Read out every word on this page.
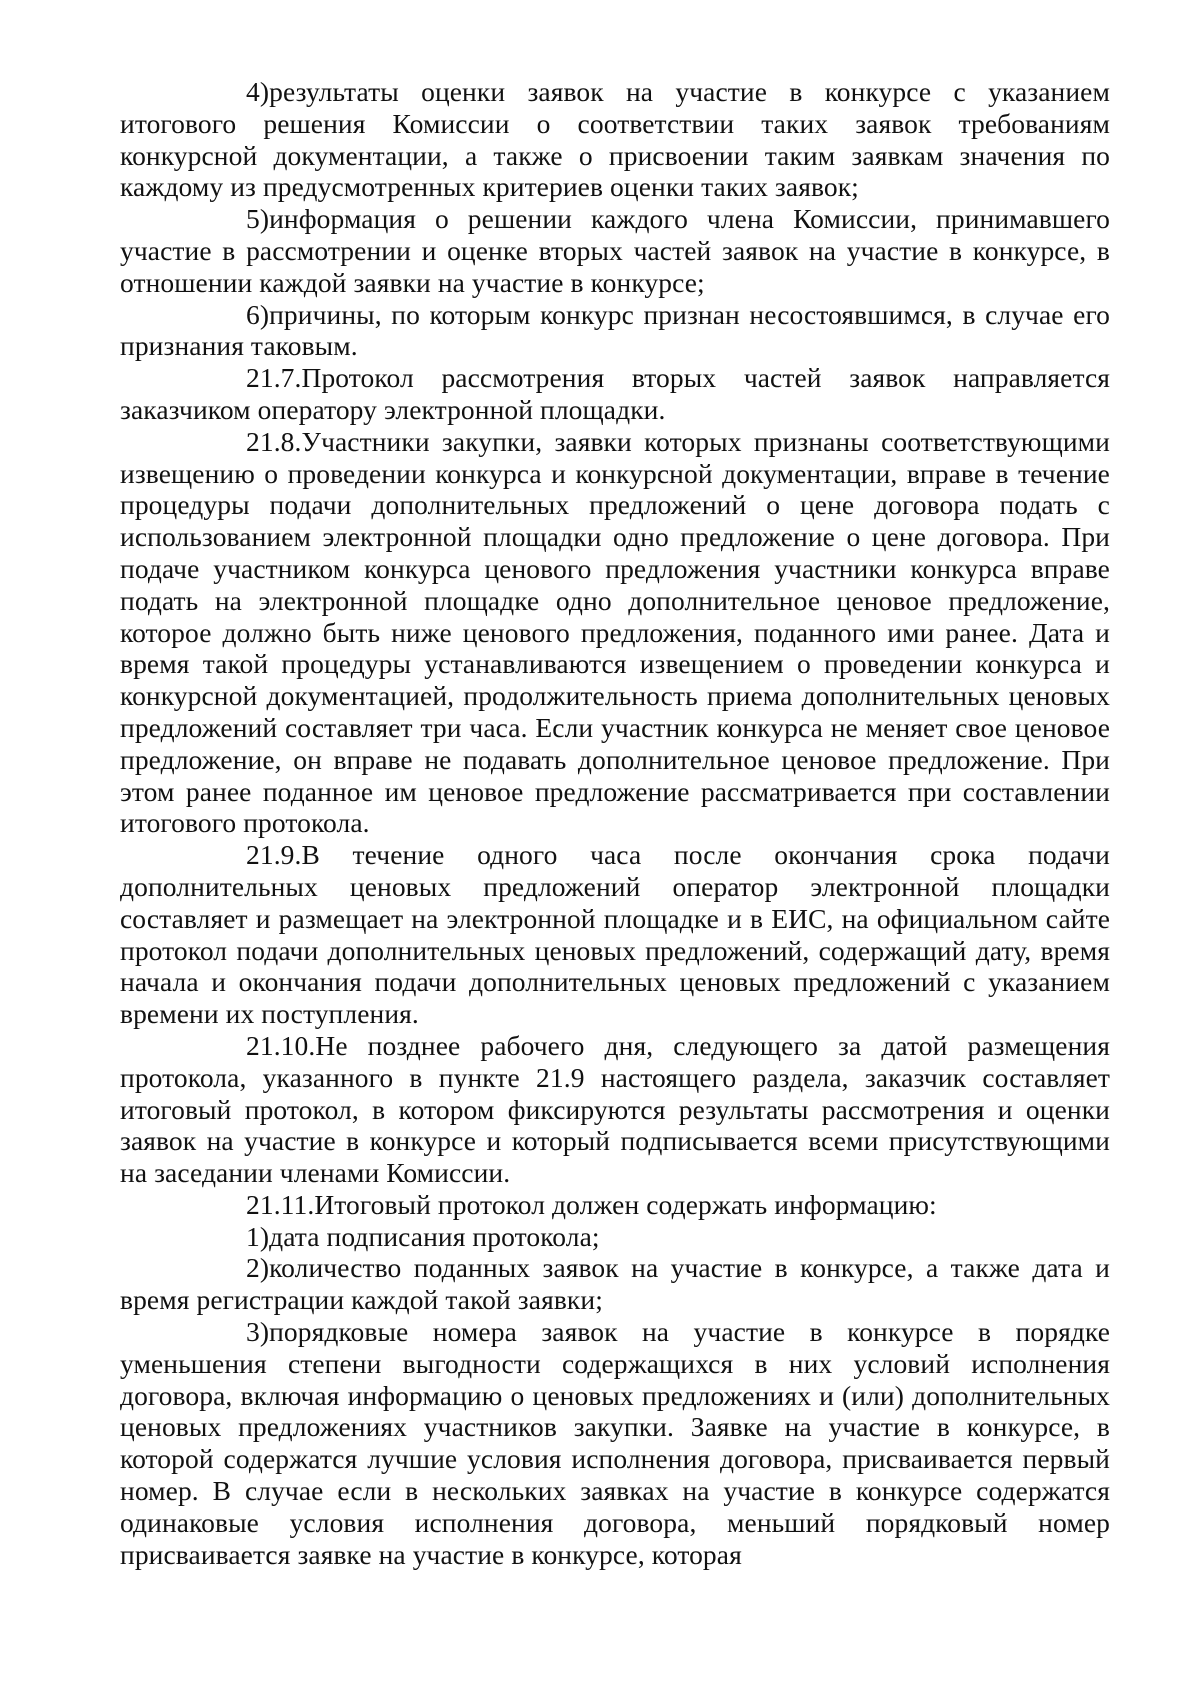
4)результаты оценки заявок на участие в конкурсе с указанием итогового решения Комиссии о соответствии таких заявок требованиям конкурсной документации, а также о присвоении таким заявкам значения по каждому из предусмотренных критериев оценки таких заявок;

5)информация о решении каждого члена Комиссии, принимавшего участие в рассмотрении и оценке вторых частей заявок на участие в конкурсе, в отношении каждой заявки на участие в конкурсе;

6)причины, по которым конкурс признан несостоявшимся, в случае его признания таковым.

21.7.Протокол рассмотрения вторых частей заявок направляется заказчиком оператору электронной площадки.

21.8.Участники закупки, заявки которых признаны соответствующими извещению о проведении конкурса и конкурсной документации, вправе в течение процедуры подачи дополнительных предложений о цене договора подать с использованием электронной площадки одно предложение о цене договора. При подаче участником конкурса ценового предложения участники конкурса вправе подать на электронной площадке одно дополнительное ценовое предложение, которое должно быть ниже ценового предложения, поданного ими ранее. Дата и время такой процедуры устанавливаются извещением о проведении конкурса и конкурсной документацией, продолжительность приема дополнительных ценовых предложений составляет три часа. Если участник конкурса не меняет свое ценовое предложение, он вправе не подавать дополнительное ценовое предложение. При этом ранее поданное им ценовое предложение рассматривается при составлении итогового протокола.

21.9.В течение одного часа после окончания срока подачи дополнительных ценовых предложений оператор электронной площадки составляет и размещает на электронной площадке и в ЕИС, на официальном сайте протокол подачи дополнительных ценовых предложений, содержащий дату, время начала и окончания подачи дополнительных ценовых предложений с указанием времени их поступления.

21.10.Не позднее рабочего дня, следующего за датой размещения протокола, указанного в пункте 21.9 настоящего раздела, заказчик составляет итоговый протокол, в котором фиксируются результаты рассмотрения и оценки заявок на участие в конкурсе и который подписывается всеми присутствующими на заседании членами Комиссии.

21.11.Итоговый протокол должен содержать информацию:

1)дата подписания протокола;

2)количество поданных заявок на участие в конкурсе, а также дата и время регистрации каждой такой заявки;

3)порядковые номера заявок на участие в конкурсе в порядке уменьшения степени выгодности содержащихся в них условий исполнения договора, включая информацию о ценовых предложениях и (или) дополнительных ценовых предложениях участников закупки. Заявке на участие в конкурсе, в которой содержатся лучшие условия исполнения договора, присваивается первый номер. В случае если в нескольких заявках на участие в конкурсе содержатся одинаковые условия исполнения договора, меньший порядковый номер присваивается заявке на участие в конкурсе, которая
